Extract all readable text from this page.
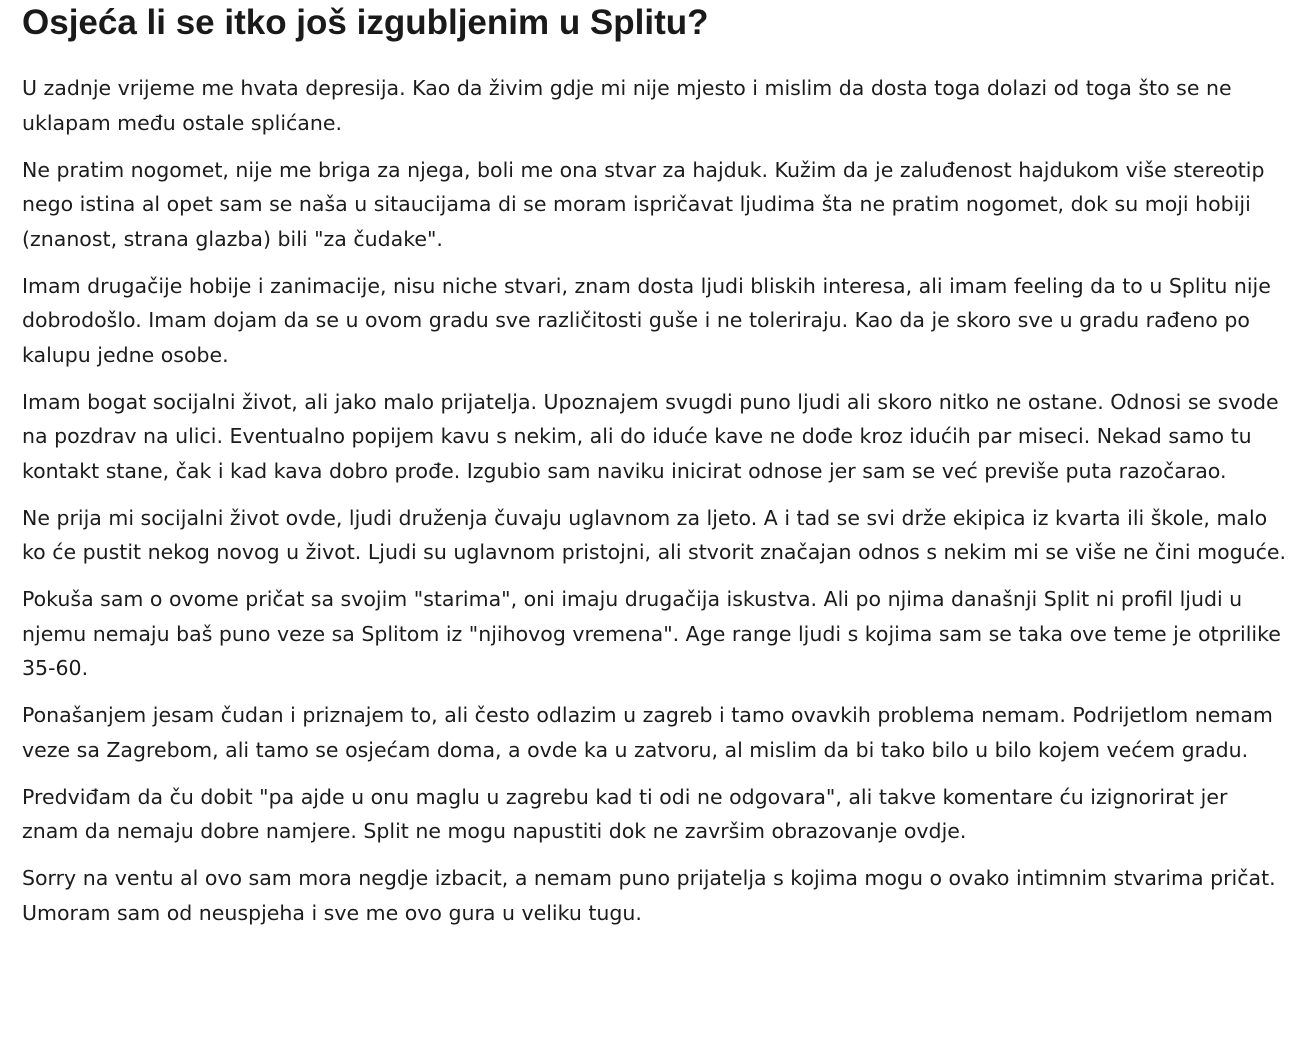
Osjeća li se itko još izgubljenim u Splitu?

U zadnje vrijeme me hvata depresija. Kao da živim gdje mi nije mjesto i mislim da dosta toga dolazi od toga što se ne uklapam među ostale splićane.

Ne pratim nogomet, nije me briga za njega, boli me ona stvar za hajduk. Kužim da je zaluđenost hajdukom više stereotip nego istina al opet sam se naša u sitaucijama di se moram ispričavat ljudima šta ne pratim nogomet, dok su moji hobiji (znanost, strana glazba) bili "za čudake".

Imam drugačije hobije i zanimacije, nisu niche stvari, znam dosta ljudi bliskih interesa, ali imam feeling da to u Splitu nije dobrodošlo. Imam dojam da se u ovom gradu sve različitosti guše i ne toleriraju. Kao da je skoro sve u gradu rađeno po kalupu jedne osobe.

Imam bogat socijalni život, ali jako malo prijatelja. Upoznajem svugdi puno ljudi ali skoro nitko ne ostane. Odnosi se svode na pozdrav na ulici. Eventualno popijem kavu s nekim, ali do iduće kave ne dođe kroz idućih par miseci. Nekad samo tu kontakt stane, čak i kad kava dobro prođe. Izgubio sam naviku inicirat odnose jer sam se već previše puta razočarao.

Ne prija mi socijalni život ovde, ljudi druženja čuvaju uglavnom za ljeto. A i tad se svi drže ekipica iz kvarta ili škole, malo ko će pustit nekog novog u život. Ljudi su uglavnom pristojni, ali stvorit značajan odnos s nekim mi se više ne čini moguće.

Pokuša sam o ovome pričat sa svojim "starima", oni imaju drugačija iskustva. Ali po njima današnji Split ni profil ljudi u njemu nemaju baš puno veze sa Splitom iz "njihovog vremena". Age range ljudi s kojima sam se taka ove teme je otprilike 35-60.

Ponašanjem jesam čudan i priznajem to, ali često odlazim u zagreb i tamo ovavkih problema nemam. Podrijetlom nemam veze sa Zagrebom, ali tamo se osjećam doma, a ovde ka u zatvoru, al mislim da bi tako bilo u bilo kojem većem gradu.

Predviđam da ču dobit "pa ajde u onu maglu u zagrebu kad ti odi ne odgovara", ali takve komentare ću izignorirat jer znam da nemaju dobre namjere. Split ne mogu napustiti dok ne završim obrazovanje ovdje.

Sorry na ventu al ovo sam mora negdje izbacit, a nemam puno prijatelja s kojima mogu o ovako intimnim stvarima pričat. Umoram sam od neuspjeha i sve me ovo gura u veliku tugu.
